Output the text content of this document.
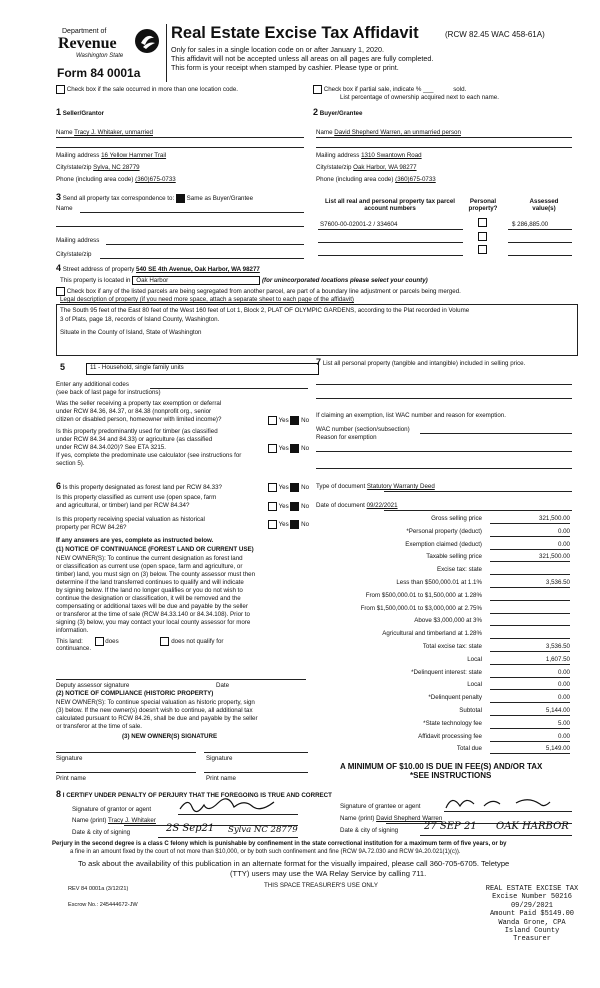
Department of
Revenue
Washington State
Form 84 0001a
Real Estate Excise Tax Affidavit	(RCW 82.45 WAC 458-61A)
Only for sales in a single location code on or after January 1, 2020.
This affidavit will not be accepted unless all areas on all pages are fully completed.
This form is your receipt when stamped by cashier. Please type or print.
Check box if the sale occurred in more than one location code.	Check box if partial sale, indicate % ___	sold.
List percentage of ownership acquired next to each name.
1 Seller/Grantor	2 Buyer/Grantee
Name Tracy J. Whitaker, unmarried
Mailing address 16 Yellow Hammer Trail
City/state/zip Sylva, NC 28779
Phone (including area code) (360)675-0733
Name David Shepherd Warren, an unmarried person
Mailing address 1310 Swantown Road
City/state/zip Oak Harbor, WA 98277
Phone (including area code) (360)675-0733
3 Send all property tax correspondence to: Same as Buyer/Grantee
Name
Mailing address
City/state/zip
List all real and personal property tax parcel account numbers
Personal property?
Assessed value(s)
S7600-00-02001-2 / 334604	$ 286,885.00
4 Street address of property 540 SE 4th Avenue, Oak Harbor, WA 98277
This property is located in Oak Harbor	(for unincorporated locations please select your county)
Check box if any of the listed parcels are being segregated from another parcel, are part of a boundary line adjustment or parcels being merged.
Legal description of property (if you need more space, attach a separate sheet to each page of the affidavit)
The South 95 feet of the East 80 feet of the West 160 feet of Lot 1, Block 2, PLAT OF OLYMPIC GARDENS, according to the Plat recorded in Volume
3 of Plats, page 18, records of Island County, Washington.
Situate in the County of Island, State of Washington
5	11 - Household, single family units
Enter any additional codes
(see back of last page for instructions)
Was the seller receiving a property tax exemption or deferral
under RCW 84.36, 84.37, or 84.38 (nonprofit org., senior
citizen or disabled person, homeowner with limited income)?	Yes No
Is this property predominantly used for timber (as classified
under RCW 84.34 and 84.33) or agriculture (as classified
under RCW 84.34.020)? See ETA 3215.	Yes No
If yes, complete the predominate use calculator (see instructions for
section 5).
6 Is this property designated as forest land per RCW 84.33?	Yes No
Is this property classified as current use (open space, farm
and agricultural, or timber) land per RCW 84.34?	Yes No
Is this property receiving special valuation as historical
property per RCW 84.26?	Yes No
If any answers are yes, complete as instructed below.
(1) NOTICE OF CONTINUANCE (FOREST LAND OR CURRENT USE)
NEW OWNER(S): To continue the current designation as forest land
or classification as current use (open space, farm and agriculture, or
timber) land, you must sign on (3) below. The county assessor must then
determine if the land transferred continues to qualify and will indicate
by signing below. If the land no longer qualifies or you do not wish to
continue the designation or classification, it will be removed and the
compensating or additional taxes will be due and payable by the seller
or transferor at the time of sale (RCW 84.33.140 or 84.34.108). Prior to
signing (3) below, you may contact your local county assessor for more
information.
This land:	does	does not qualify for
continuance.
Deputy assessor signature	Date
(2) NOTICE OF COMPLIANCE (HISTORIC PROPERTY)
NEW OWNER(S): To continue special valuation as historic property, sign
(3) below. If the new owner(s) doesn't wish to continue, all additional tax
calculated pursuant to RCW 84.26, shall be due and payable by the seller
or transferor at the time of sale.
(3) NEW OWNER(S) SIGNATURE
Signature	Signature
Print name	Print name
7 List all personal property (tangible and intangible) included in selling price.
If claiming an exemption, list WAC number and reason for exemption.
WAC number (section/subsection)
Reason for exemption
Type of document Statutory Warranty Deed
Date of document 09/22/2021
Gross selling price	321,500.00
*Personal property (deduct)	0.00
Exemption claimed (deduct)	0.00
Taxable selling price	321,500.00
Excise tax: state
Less than $500,000.01 at 1.1%	3,536.50
From $500,000.01 to $1,500,000 at 1.28%
From $1,500,000.01 to $3,000,000 at 2.75%
Above $3,000,000 at 3%
Agricultural and timberland at 1.28%
Total excise tax: state	3,536.50
Local	1,607.50
*Delinquent interest: state	0.00
Local	0.00
*Delinquent penalty	0.00
Subtotal	5,144.00
*State technology fee	5.00
Affidavit processing fee	0.00
Total due	5,149.00
A MINIMUM OF $10.00 IS DUE IN FEE(S) AND/OR TAX
*SEE INSTRUCTIONS
8 I CERTIFY UNDER PENALTY OF PERJURY THAT THE FOREGOING IS TRUE AND CORRECT
Signature of grantor or agent	Signature of grantee or agent
Name (print) Tracy J. Whitaker	Name (print) David Shepherd Warren
Date & city of signing	2S Sep21 Sylva NC 28779	Date & city of signing	27 SEP 21 OAK HARBOR
Perjury in the second degree is a class C felony which is punishable by confinement in the state correctional institution for a maximum term of five years, or by
a fine in an amount fixed by the court of not more than $10,000, or by both such confinement and fine (RCW 9A.72.030 and RCW 9A.20.021(1)(c)).
To ask about the availability of this publication in an alternate format for the visually impaired, please call 360-705-6705. Teletype
(TTY) users may use the WA Relay Service by calling 711.
REV 84 0001a (3/12/21)	THIS SPACE TREASURER'S USE ONLY
Escrow No.: 245444672-JW
REAL ESTATE EXCISE TAX
Excise Number 50216
09/29/2021
Amount Paid $5149.00
Wanda Grone, CPA
Island County Treasurer
